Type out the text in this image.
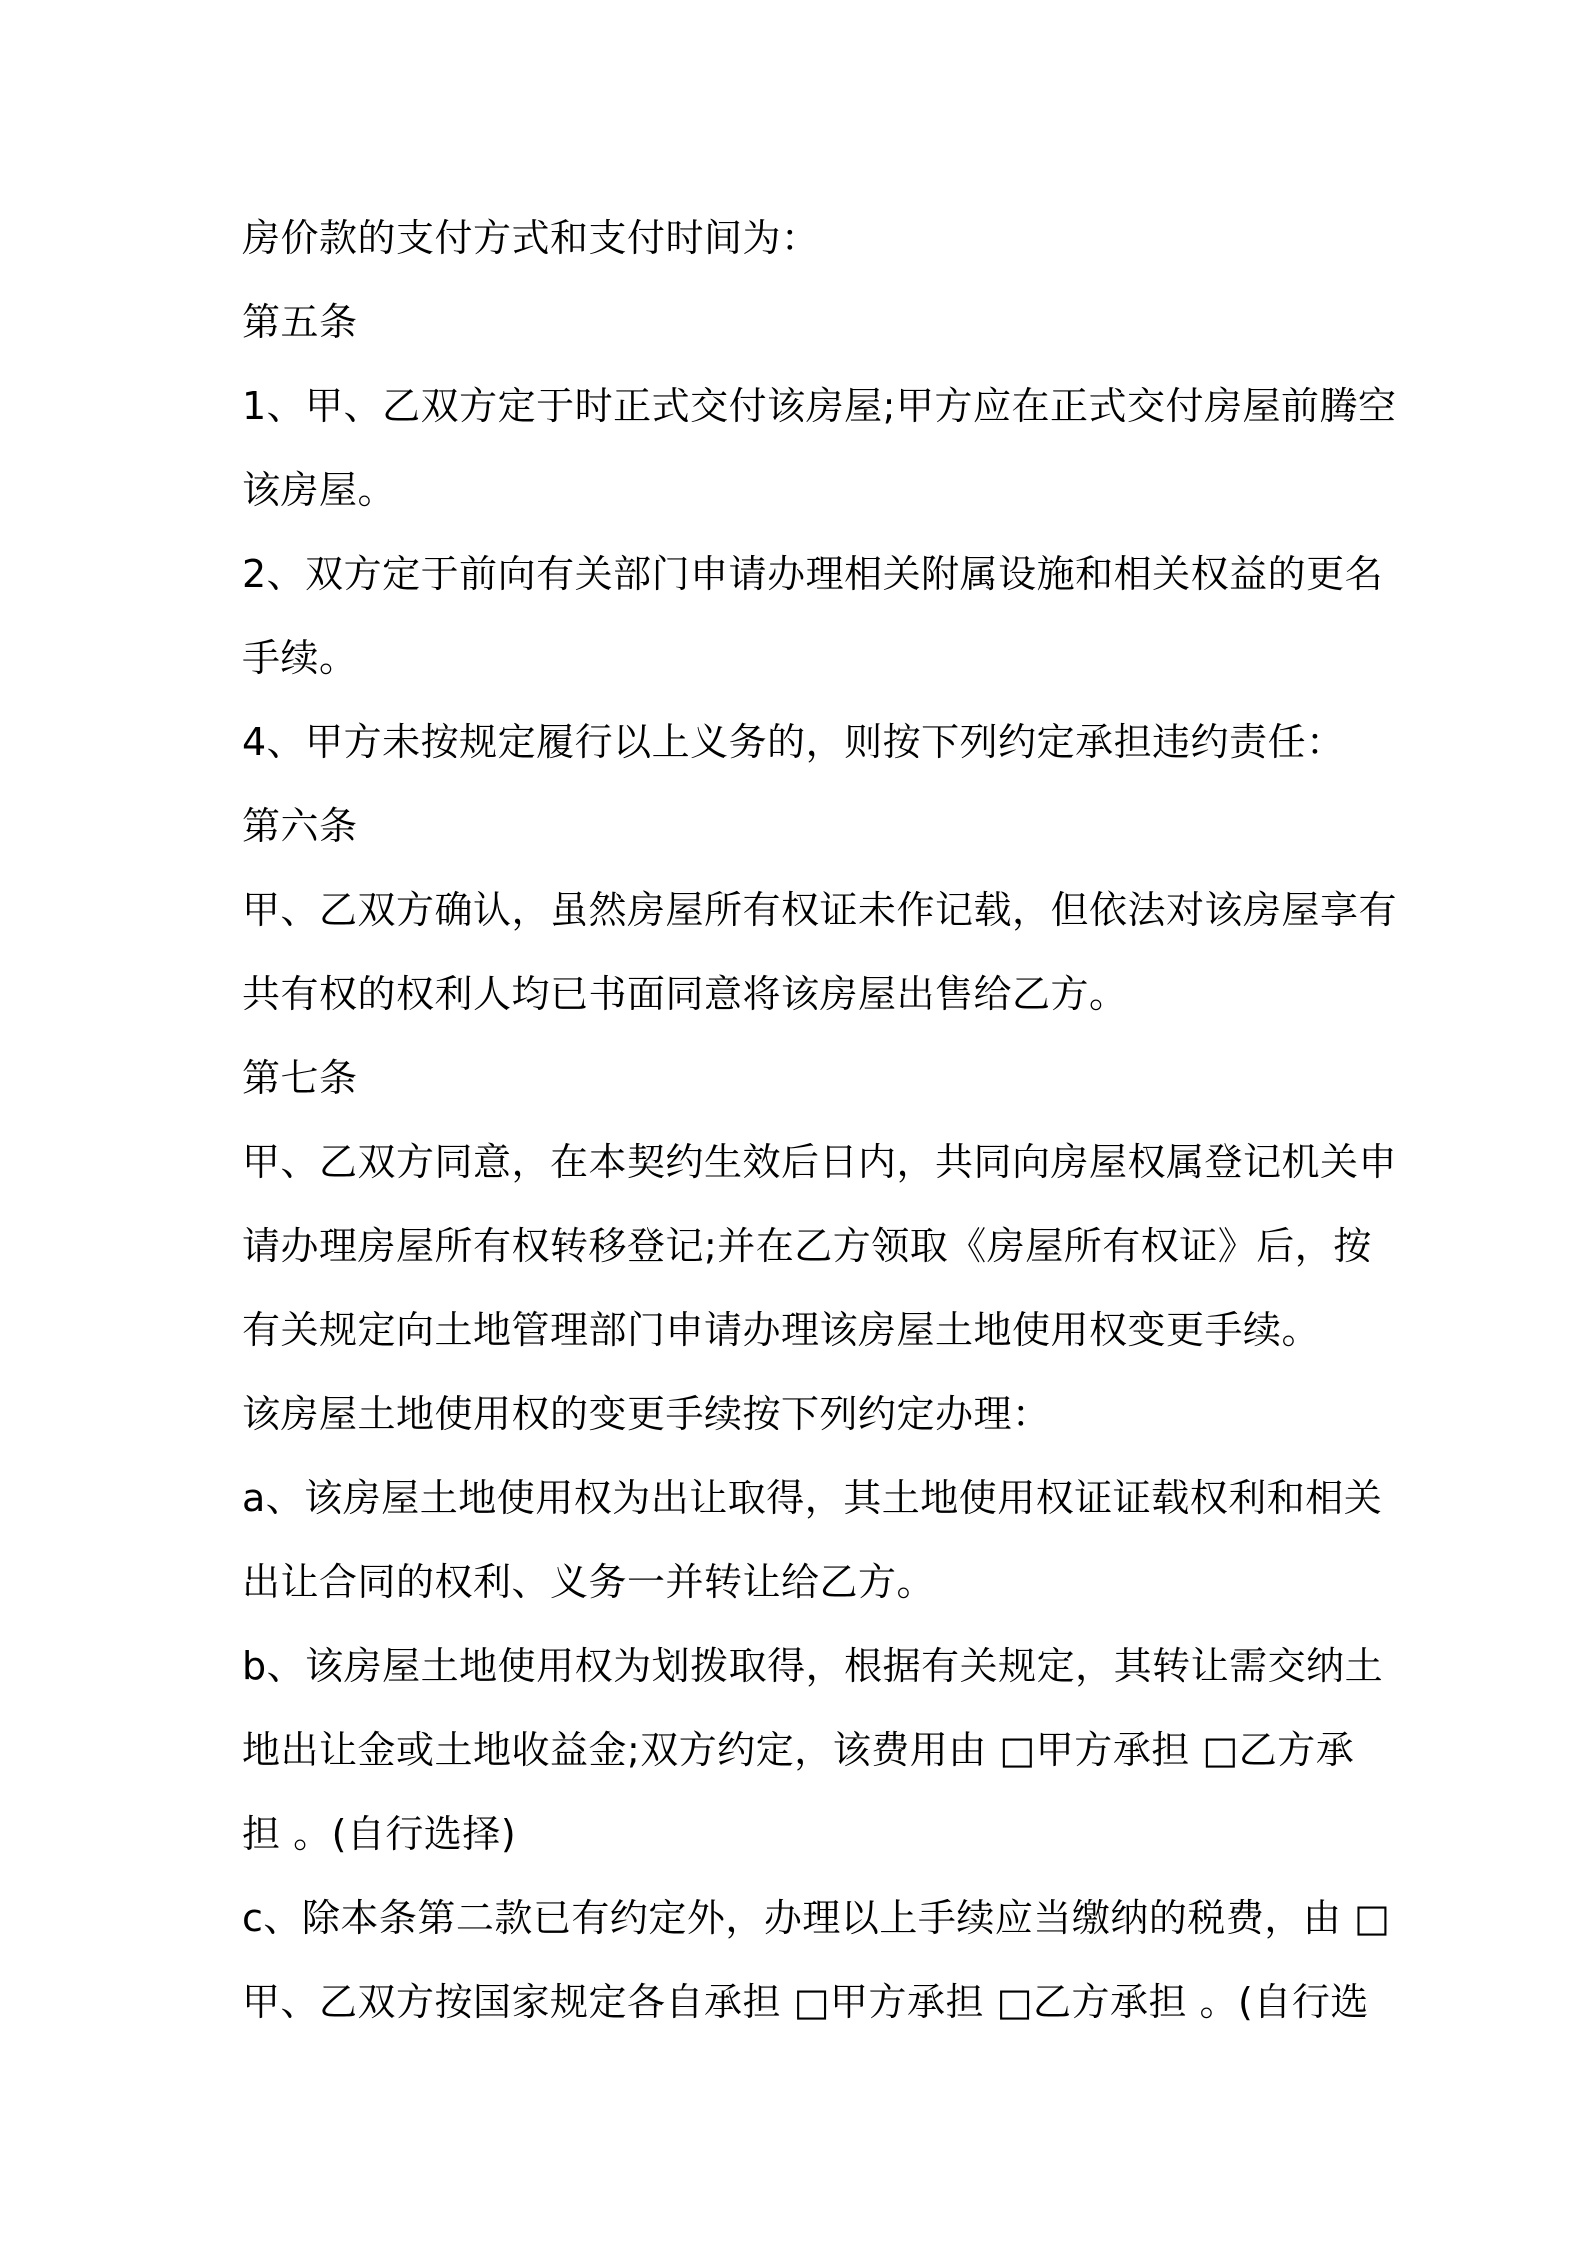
房价款的支付方式和支付时间为：
第五条
1、甲、乙双方定于时正式交付该房屋;甲方应在正式交付房屋前腾空
该房屋。
2、双方定于前向有关部门申请办理相关附属设施和相关权益的更名
手续。
4、甲方未按规定履行以上义务的，则按下列约定承担违约责任：
第六条
甲、乙双方确认，虽然房屋所有权证未作记载，但依法对该房屋享有
共有权的权利人均已书面同意将该房屋出售给乙方。
第七条
甲、乙双方同意，在本契约生效后日内，共同向房屋权属登记机关申
请办理房屋所有权转移登记;并在乙方领取《房屋所有权证》后，按
有关规定向土地管理部门申请办理该房屋土地使用权变更手续。
该房屋土地使用权的变更手续按下列约定办理：
a、该房屋土地使用权为出让取得，其土地使用权证证载权利和相关
出让合同的权利、义务一并转让给乙方。
b、该房屋土地使用权为划拨取得，根据有关规定，其转让需交纳土
地出让金或土地收益金;双方约定，该费用由 □甲方承担 □乙方承
担 。(自行选择)
c、除本条第二款已有约定外，办理以上手续应当缴纳的税费，由 □
甲、乙双方按国家规定各自承担 □甲方承担 □乙方承担 。(自行选
